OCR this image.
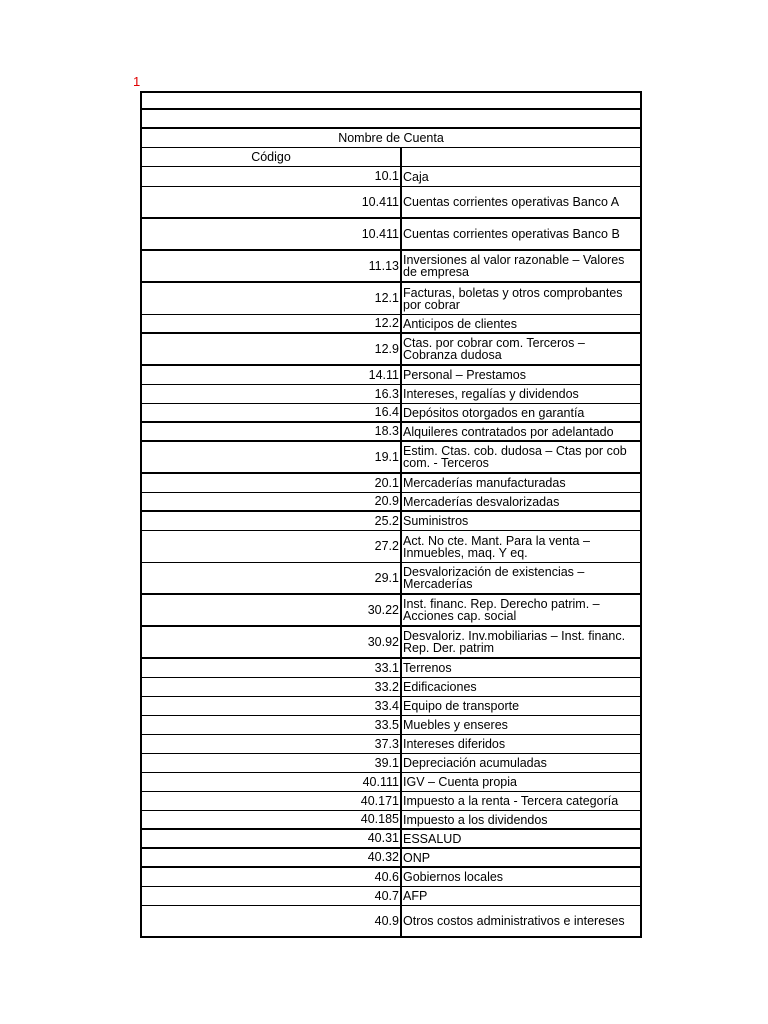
1
Nombre de Cuenta
Código
10.1 Caja
10.411 Cuentas corrientes operativas Banco A
10.411 Cuentas corrientes operativas Banco B
11.13 Inversiones al valor razonable – Valores de empresa
12.1 Facturas, boletas y otros comprobantes por cobrar
12.2 Anticipos de clientes
12.9 Ctas. por cobrar com. Terceros – Cobranza dudosa
14.11 Personal – Prestamos
16.3 Intereses, regalías y dividendos
16.4 Depósitos otorgados en garantía
18.3 Alquileres contratados por adelantado
19.1 Estim. Ctas. cob. dudosa – Ctas por cob com. - Terceros
20.1 Mercaderías manufacturadas
20.9 Mercaderías desvalorizadas
25.2 Suministros
27.2 Act. No cte. Mant. Para la venta – Inmuebles, maq. Y eq.
29.1 Desvalorización de existencias – Mercaderías
30.22 Inst. financ. Rep. Derecho patrim. – Acciones cap. social
30.92 Desvaloriz. Inv.mobiliarias – Inst. financ. Rep. Der. patrim
33.1 Terrenos
33.2 Edificaciones
33.4 Equipo de transporte
33.5 Muebles y enseres
37.3 Intereses diferidos
39.1 Depreciación acumuladas
40.111 IGV – Cuenta propia
40.171 Impuesto a la renta - Tercera categoría
40.185 Impuesto a los dividendos
40.31 ESSALUD
40.32 ONP
40.6 Gobiernos locales
40.7 AFP
40.9 Otros costos administrativos e intereses
